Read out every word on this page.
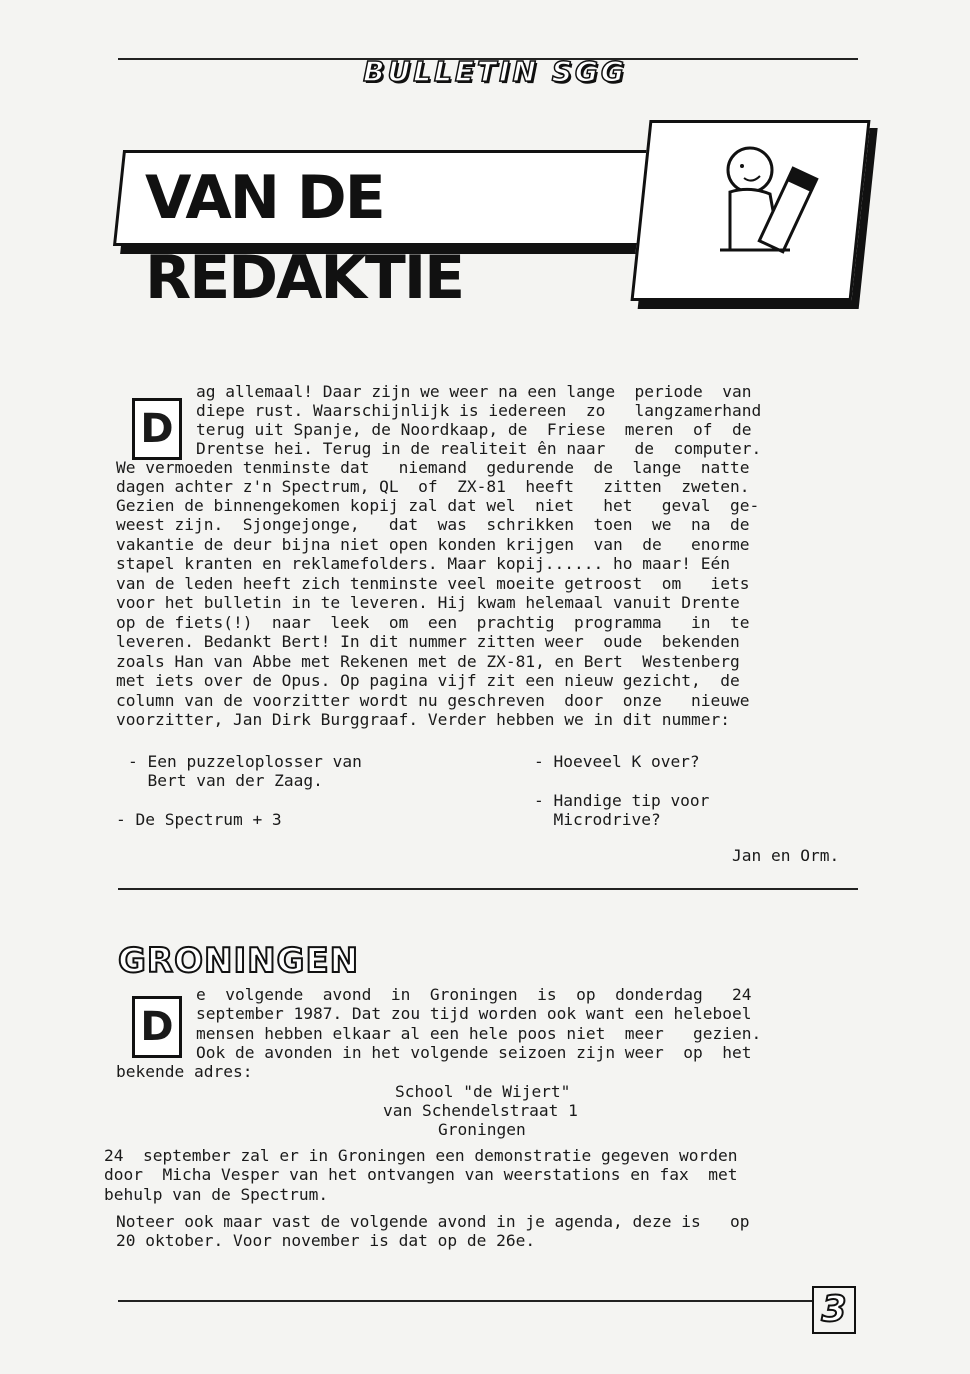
BULLETIN SGG
VAN DE REDAKTIE
D
ag allemaal! Daar zijn we weer na een lange  periode  van
diepe rust. Waarschijnlijk is iedereen  zo   langzamerhand
terug uit Spanje, de Noordkaap, de  Friese  meren  of  de
Drentse hei. Terug in de realiteit ên naar   de  computer.
We vermoeden tenminste dat   niemand  gedurende  de  lange  natte
dagen achter z'n Spectrum, QL  of  ZX-81  heeft   zitten  zweten.
Gezien de binnengekomen kopij zal dat wel  niet   het   geval  ge-
weest zijn.  Sjongejonge,   dat  was  schrikken  toen  we  na  de
vakantie de deur bijna niet open konden krijgen  van  de   enorme
stapel kranten en reklamefolders. Maar kopij...... ho maar! Eén
van de leden heeft zich tenminste veel moeite getroost  om   iets
voor het bulletin in te leveren. Hij kwam helemaal vanuit Drente
op de fiets(!)  naar  leek  om  een  prachtig  programma   in  te
leveren. Bedankt Bert! In dit nummer zitten weer  oude  bekenden
zoals Han van Abbe met Rekenen met de ZX-81, en Bert  Westenberg
met iets over de Opus. Op pagina vijf zit een nieuw gezicht,  de
column van de voorzitter wordt nu geschreven  door  onze   nieuwe
voorzitter, Jan Dirk Burggraaf. Verder hebben we in dit nummer:
- Een puzzeloplosser van
Bert van der Zaag.
- De Spectrum + 3
- Hoeveel K over?
- Handige tip voor
Microdrive?
Jan en Orm.
GRONINGEN
D
e  volgende  avond  in  Groningen  is  op  donderdag   24
september 1987. Dat zou tijd worden ook want een heleboel
mensen hebben elkaar al een hele poos niet  meer   gezien.
Ook de avonden in het volgende seizoen zijn weer  op  het
bekende adres:
School "de Wijert"
van Schendelstraat 1
Groningen
24  september zal er in Groningen een demonstratie gegeven worden
door  Micha Vesper van het ontvangen van weerstations en fax  met
behulp van de Spectrum.
Noteer ook maar vast de volgende avond in je agenda, deze is   op
20 oktober. Voor november is dat op de 26e.
3
